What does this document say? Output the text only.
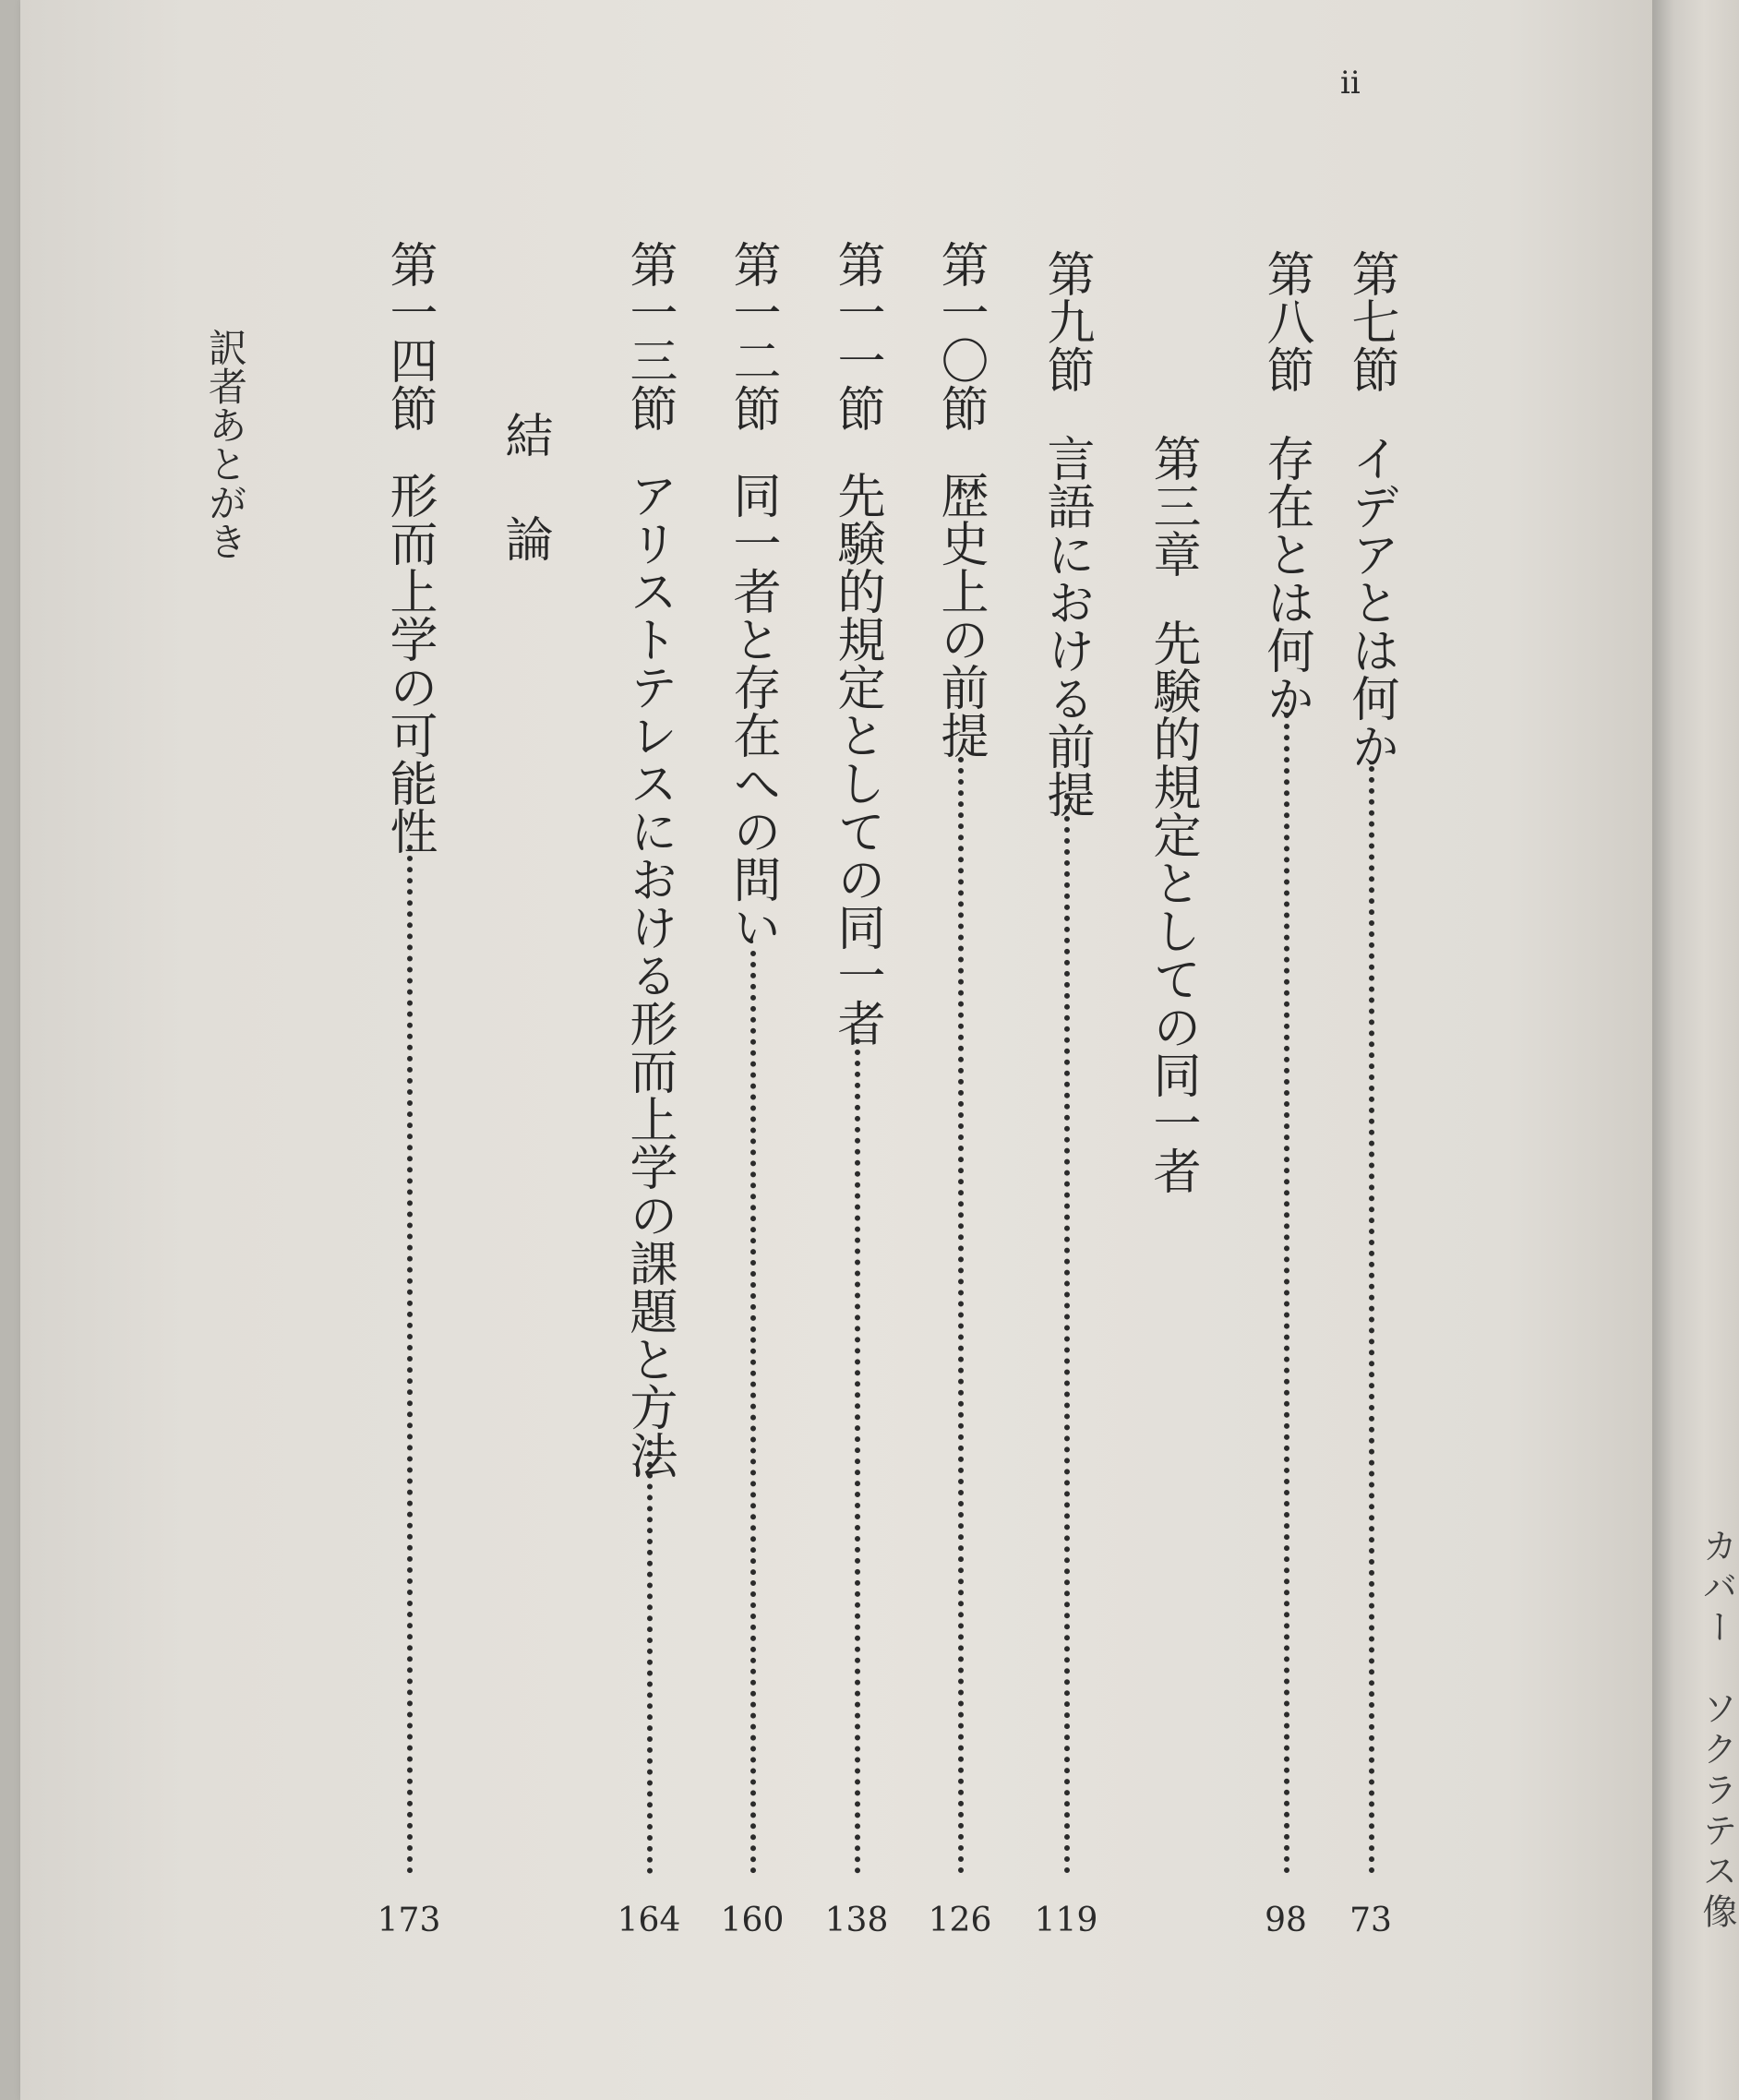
ii
第七節
イデアとは何か
73
第八節
存在とは何か
98
第三章
先験的規定としての同一者
第九節
言語における前提
119
第一〇節
歴史上の前提
126
第一一節
先験的規定としての同一者
138
第一二節
同一者と存在への問い
160
第一三節
アリストテレスにおける形而上学の課題と方法
164
結論
第一四節
形而上学の可能性
173
訳者あとがき
カバー　ソクラテス像
